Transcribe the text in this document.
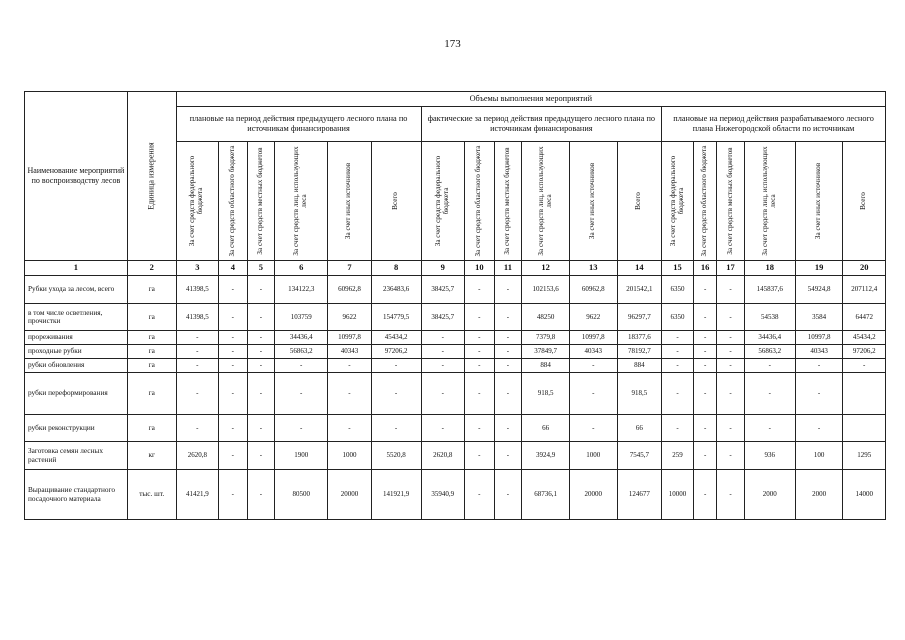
173
Наименование мероприятий по воспроизводству лесов	Единица измерения	Объемы выполнения мероприятий																	
		плановые на период действия предыдущего лесного плана по источникам финансирования						фактические за период действия предыдущего лесного плана по источникам финансирования						плановые на период действия разрабатываемого лесного плана Нижегородской области по источникам					

		За счет средств федерального бюджета	За счет средств областного бюджета	За счет средств местных бюджетов	За счет средств лиц, использующих леса	За счет иных источников	Всего	За счет средств федерального бюджета	За счет средств областного бюджета	За счет средств местных бюджетов	За счет средств лиц, использующих леса	За счет иных источников	Всего	За счет средств федерального бюджета	За счет средств областного бюджета	За счет средств местных бюджетов	За счет средств лиц, использующих леса	За счет иных источников	Всего

1	2	3	4	5	6	7	8	9	10	11	12	13	14	15	16	17	18	19	20
Рубки ухода за лесом, всего	га	41398,5	-	-	134122,3	60962,8	236483,6	38425,7	-	-	102153,6	60962,8	201542,1	6350	-	-	145837,6	54924,8	207112,4
в том числе осветления, прочистки	га	41398,5	-	-	103759	9622	154779,5	38425,7	-	-	48250	9622	96297,7	6350	-	-	54538	3584	64472
прореживания	га	-	-	-	34436,4	10997,8	45434,2	-	-	-	7379,8	10997,8	18377,6	-	-	-	34436,4	10997,8	45434,2
проходные рубки	га	-	-	-	56863,2	40343	97206,2	-	-	-	37849,7	40343	78192,7	-	-	-	56863,2	40343	97206,2
рубки обновления	га	-	-	-	-	-	-	-	-	-	884	-	884	-	-	-	-	-	-
рубки переформирования	га	-	-	-	-	-	-	-	-	-	918,5	-	918,5	-	-	-	-	-	
рубки реконструкции	га	-	-	-	-	-	-	-	-	-	66	-	66	-	-	-	-	-	
Заготовка семян лесных растений	кг	2620,8	-	-	1900	1000	5520,8	2620,8	-	-	3924,9	1000	7545,7	259	-	-	936	100	1295
Выращивание стандартного посадочного материала	тыс. шт.	41421,9	-	-	80500	20000	141921,9	35940,9	-	-	68736,1	20000	124677	10000	-	-	2000	2000	14000
